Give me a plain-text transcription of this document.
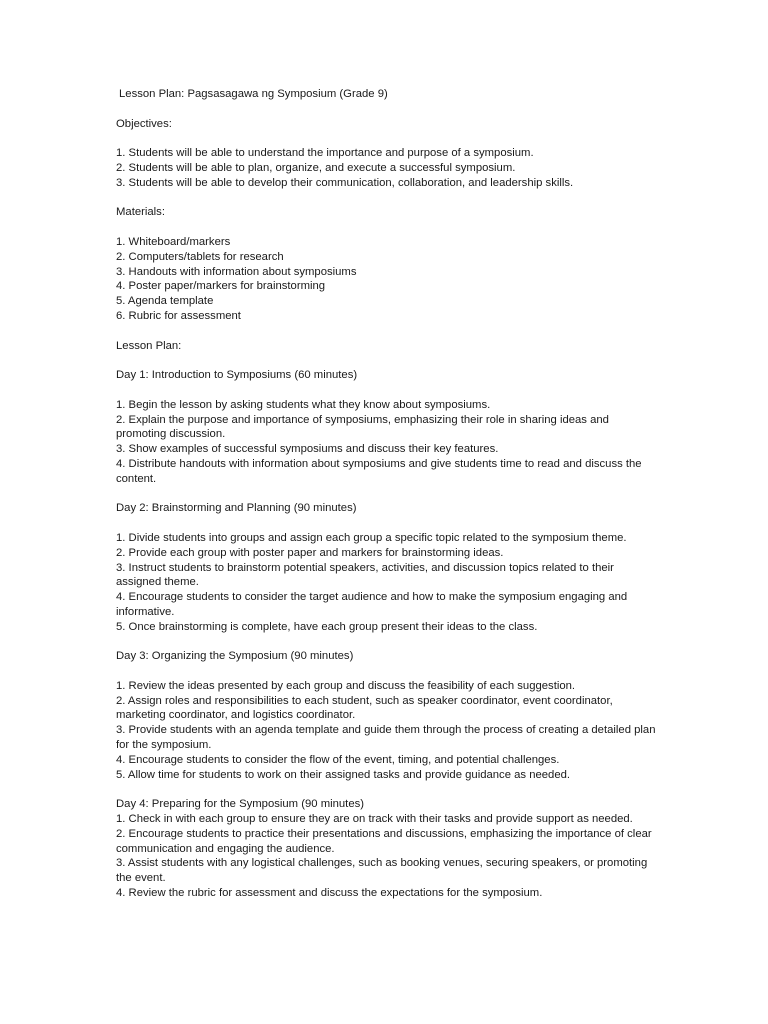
Lesson Plan: Pagsasagawa ng Symposium (Grade 9)

Objectives:

1. Students will be able to understand the importance and purpose of a symposium.
2. Students will be able to plan, organize, and execute a successful symposium.
3. Students will be able to develop their communication, collaboration, and leadership skills.

Materials:

1. Whiteboard/markers
2. Computers/tablets for research
3. Handouts with information about symposiums
4. Poster paper/markers for brainstorming
5. Agenda template
6. Rubric for assessment

Lesson Plan:

Day 1: Introduction to Symposiums (60 minutes)

1. Begin the lesson by asking students what they know about symposiums.
2. Explain the purpose and importance of symposiums, emphasizing their role in sharing ideas and promoting discussion.
3. Show examples of successful symposiums and discuss their key features.
4. Distribute handouts with information about symposiums and give students time to read and discuss the content.

Day 2: Brainstorming and Planning (90 minutes)

1. Divide students into groups and assign each group a specific topic related to the symposium theme.
2. Provide each group with poster paper and markers for brainstorming ideas.
3. Instruct students to brainstorm potential speakers, activities, and discussion topics related to their assigned theme.
4. Encourage students to consider the target audience and how to make the symposium engaging and informative.
5. Once brainstorming is complete, have each group present their ideas to the class.

Day 3: Organizing the Symposium (90 minutes)

1. Review the ideas presented by each group and discuss the feasibility of each suggestion.
2. Assign roles and responsibilities to each student, such as speaker coordinator, event coordinator, marketing coordinator, and logistics coordinator.
3. Provide students with an agenda template and guide them through the process of creating a detailed plan for the symposium.
4. Encourage students to consider the flow of the event, timing, and potential challenges.
5. Allow time for students to work on their assigned tasks and provide guidance as needed.

Day 4: Preparing for the Symposium (90 minutes)

1. Check in with each group to ensure they are on track with their tasks and provide support as needed.
2. Encourage students to practice their presentations and discussions, emphasizing the importance of clear communication and engaging the audience.
3. Assist students with any logistical challenges, such as booking venues, securing speakers, or promoting the event.
4. Review the rubric for assessment and discuss the expectations for the symposium.
